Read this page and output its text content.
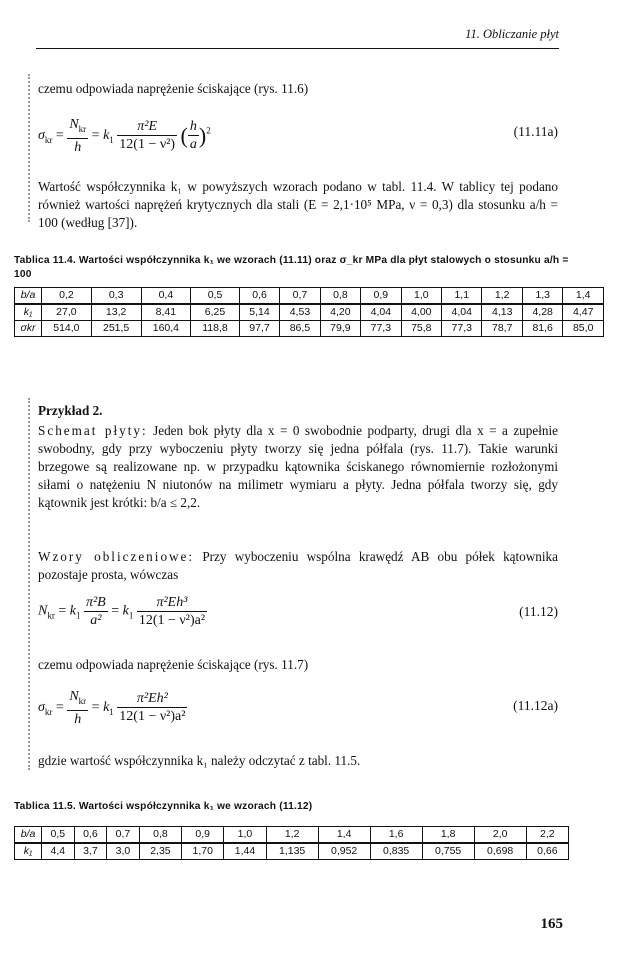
11. Obliczanie płyt
czemu odpowiada naprężenie ściskające (rys. 11.6)
$\sigma_{kr} = \frac{N_{kr}}{h} = k_1 \frac{\text{π²E}}{\text{12(1 − ν²)}}$ ( $\frac{h}{a} )^2$	(11.11a)
Wartość współczynnika k₁ w powyższych wzorach podano w tabl. 11.4. W tablicy tej podano również wartości naprężeń krytycznych dla stali (E = 2,1·10⁵ MPa, ν = 0,3) dla stosunku a/h = 100 (według [37]).
Tablica 11.4. Wartości współczynnika k₁ we wzorach (11.11) oraz σ_kr MPa dla płyt stalowych o stosunku a/h = 100
b/a	0,2	0,3	0,4	0,5	0,6	0,7	0,8	0,9	1,0	1,1	1,2	1,3	1,4
k₁	27,0	13,2	8,41	6,25	5,14	4,53	4,20	4,04	4,00	4,04	4,13	4,28	4,47
σkr	514,0	251,5	160,4	118,8	97,7	86,5	79,9	77,3	75,8	77,3	78,7	81,6	85,0
Przykład 2.
Schemat płyty: Jeden bok płyty dla x = 0 swobodnie podparty, drugi dla x = a zupełnie swobodny, gdy przy wyboczeniu płyty tworzy się jedna półfala (rys. 11.7). Takie warunki brzegowe są realizowane np. w przypadku kątownika ściskanego równomiernie rozłożonymi siłami o natężeniu N niutonów na milimetr wymiaru a płyty. Jedna półfala tworzy się, gdy kątownik jest krótki: b/a ≤ 2,2.
Wzory obliczeniowe: Przy wyboczeniu wspólna krawędź AB obu półek kątownika pozostaje prosta, wówczas
$N_{kr} = k_1 \frac{\text{π²B}}{\text{a²}} = k_1 \frac{\text{π²Eh³}}{\text{12(1 − ν²)a²}}$	(11.12)
czemu odpowiada naprężenie ściskające (rys. 11.7)
$\sigma_{kr} = \frac{N_{kr}}{h} = k_1 \frac{\text{π²Eh²}}{\text{12(1 − ν²)a²}}$	(11.12a)
gdzie wartość współczynnika k₁ należy odczytać z tabl. 11.5.
Tablica 11.5. Wartości współczynnika k₁ we wzorach (11.12)
b/a	0,5	0,6	0,7	0,8	0,9	1,0	1,2	1,4	1,6	1,8	2,0	2,2
k₁	4,4	3,7	3,0	2,35	1,70	1,44	1,135	0,952	0,835	0,755	0,698	0,66
165
